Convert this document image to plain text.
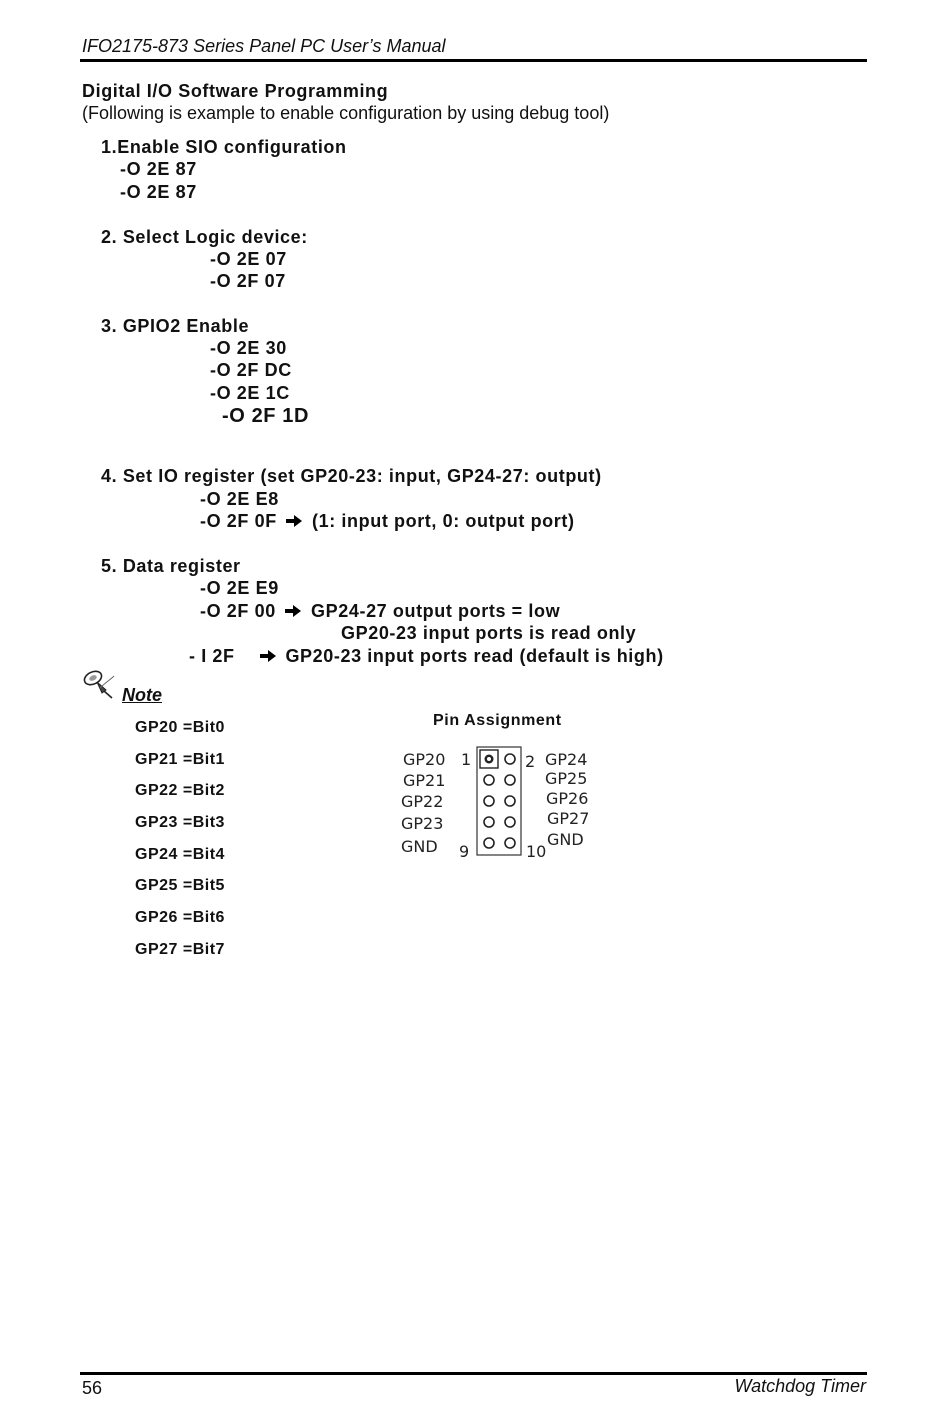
IFO2175-873 Series Panel PC User’s Manual
Digital I/O Software Programming
(Following is example to enable configuration by using debug tool)
1.Enable SIO configuration
-O 2E 87
-O 2E 87
2. Select Logic device:
-O 2E 07
-O 2F 07
3. GPIO2 Enable
-O 2E 30
-O 2F DC
-O 2E 1C
-O 2F 1D
4. Set IO register (set GP20-23: input, GP24-27: output)
-O 2E E8
-O 2F 0F (1: input port, 0: output port)
5. Data register
-O 2E E9
-O 2F 00 GP24-27 output ports = low
GP20-23 input ports is read only
- I 2F	GP20-23 input ports read (default is high)
Note
GP20 =Bit0
GP21 =Bit1
GP22 =Bit2
GP23 =Bit3
GP24 =Bit4
GP25 =Bit5
GP26 =Bit6
GP27 =Bit7
Pin Assignment
GP20
GP21
GP22
GP23
GND
1	2
9	10
GP24
GP25
GP26
GP27
GND
56	Watchdog Timer
